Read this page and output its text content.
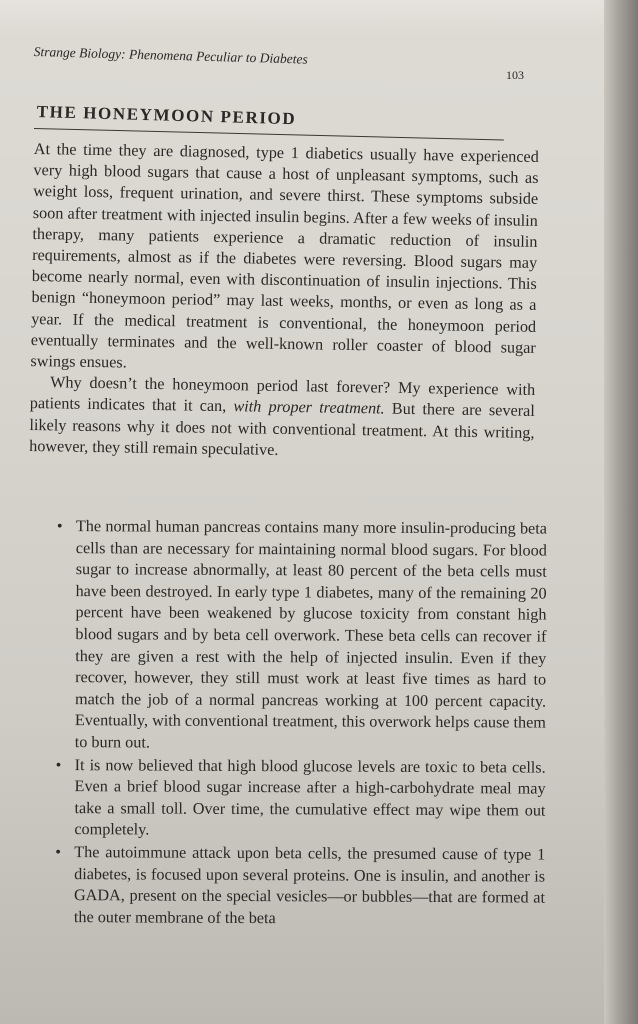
Strange Biology: Phenomena Peculiar to Diabetes
103
THE HONEYMOON PERIOD

At the time they are diagnosed, type 1 diabetics usually have experienced very high blood sugars that cause a host of unpleasant symptoms, such as weight loss, frequent urination, and severe thirst. These symptoms subside soon after treatment with injected insulin begins. After a few weeks of insulin therapy, many patients experience a dramatic reduction of insulin requirements, almost as if the diabetes were reversing. Blood sugars may become nearly normal, even with discontinuation of insulin injections. This benign “honeymoon period” may last weeks, months, or even as long as a year. If the medical treatment is conventional, the honeymoon period eventually terminates and the well-known roller coaster of blood sugar swings ensues.

Why doesn’t the honeymoon period last forever? My experience with patients indicates that it can, with proper treatment. But there are several likely reasons why it does not with conventional treatment. At this writing, however, they still remain speculative.

• The normal human pancreas contains many more insulin-producing beta cells than are necessary for maintaining normal blood sugars. For blood sugar to increase abnormally, at least 80 percent of the beta cells must have been destroyed. In early type 1 diabetes, many of the remaining 20 percent have been weakened by glucose toxicity from constant high blood sugars and by beta cell overwork. These beta cells can recover if they are given a rest with the help of injected insulin. Even if they recover, however, they still must work at least five times as hard to match the job of a normal pancreas working at 100 percent capacity. Eventually, with conventional treatment, this overwork helps cause them to burn out.
• It is now believed that high blood glucose levels are toxic to beta cells. Even a brief blood sugar increase after a high-carbohydrate meal may take a small toll. Over time, the cumulative effect may wipe them out completely.
• The autoimmune attack upon beta cells, the presumed cause of type 1 diabetes, is focused upon several proteins. One is insulin, and another is GADA, present on the special vesicles—or bubbles—that are formed at the outer membrane of the beta
